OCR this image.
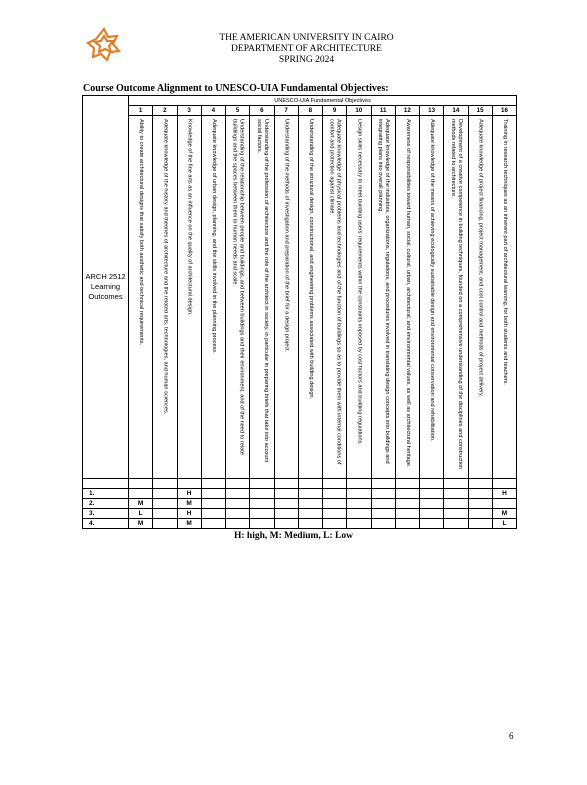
THE AMERICAN UNIVERSITY IN CAIRO
DEPARTMENT OF ARCHITECTURE
SPRING 2024
Course Outcome Alignment to UNESCO-UIA Fundamental Objectives:
ARCH 2512 Learning Outcomes	UNESCO-UIA Fundamental Objectives															
	1	2	3	4	5	6	7	8	9	10	11	12	13	14	15	16

	Ability to create architectural designs that satisfy both aesthetic and technical requirements.	Adequate knowledge of the history and theories of architecture and the related arts, technologies, and human sciences.	Knowledge of the fine arts as an influence on the quality of architectural design.	Adequate knowledge of urban design, planning, and the skills involved in the planning process.	Understanding of the relationship between people and buildings, and between buildings and their environment, and of the need to relate buildings and the spaces between them to human needs and scale.	Understanding of the profession of architecture and the role of the architect in society, in particular in preparing briefs that take into account social factors.	Understanding of the methods of investigation and preparation of the brief for a design project.	Understanding of the structural design, constructional, and engineering problems associated with building design.	Adequate knowledge of physical problems and technologies and of the function of buildings so as to provide them with internal conditions of comfort and protection against climate.	Design skills necessary to meet building users' requirements within the constraints imposed by cost factors and building regulations.	Adequate knowledge of the industries, organizations, regulations, and procedures involved in translating design concepts into buildings and integrating plans into overall planning.	Awareness of responsibilities toward human, social, cultural, urban, architectural, and environmental values, as well as architectural heritage.	Adequate knowledge of the means of achieving ecologically sustainable design and environmental conservation and rehabilitation.	Development of a creative competence in building techniques, founded on a comprehensive understanding of the disciplines and construction methods related to architecture.	Adequate knowledge of project financing, project management, and cost control and methods of project delivery.	Training in research techniques as an inherent part of architectural learning, for both students and teachers.

1.			H													H
2.	M		M													
3.	L		H													M
4.	M		M													L
H: high, M: Medium, L: Low
6
